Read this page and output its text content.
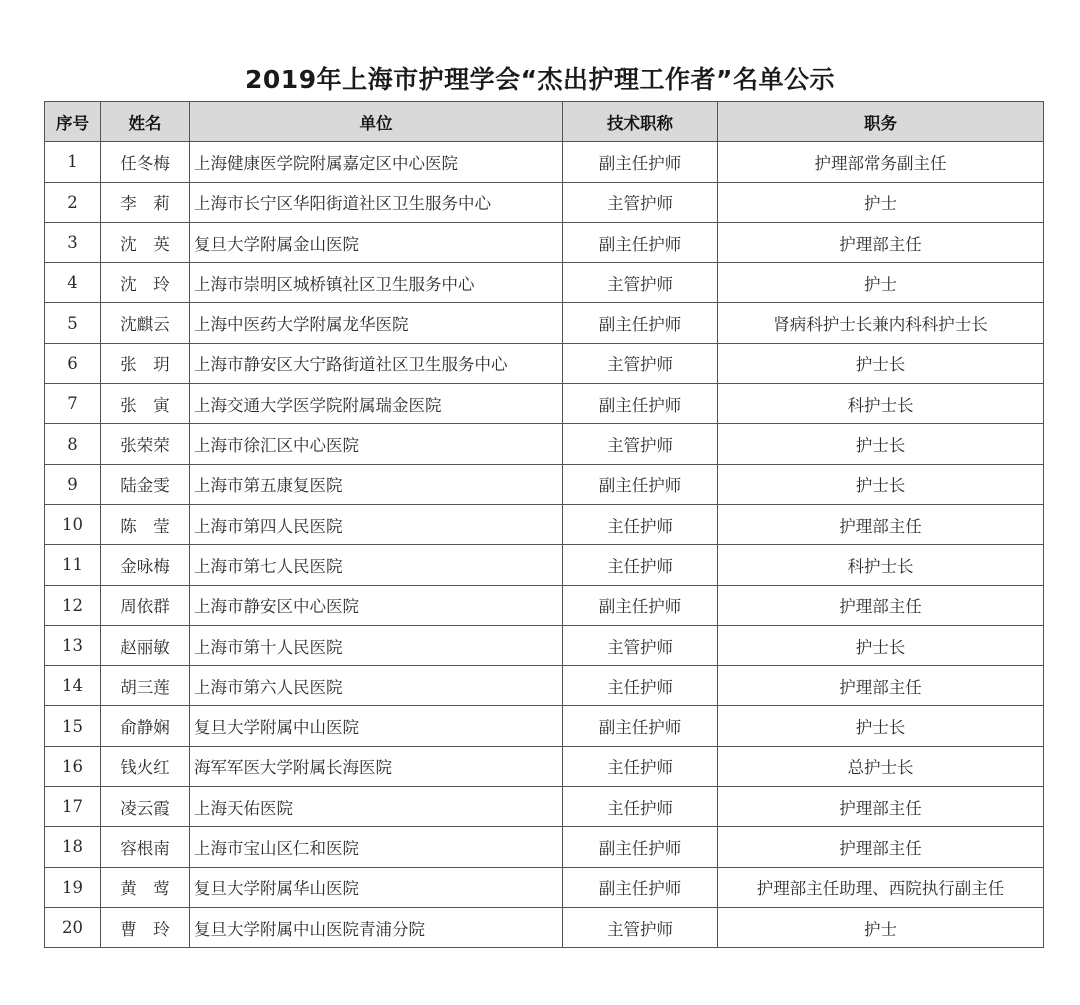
2019年上海市护理学会“杰出护理工作者”名单公示
序号	姓名	单位	技术职称	职务
1	任冬梅	上海健康医学院附属嘉定区中心医院	副主任护师	护理部常务副主任
2	李　莉	上海市长宁区华阳街道社区卫生服务中心	主管护师	护士
3	沈　英	复旦大学附属金山医院	副主任护师	护理部主任
4	沈　玲	上海市崇明区城桥镇社区卫生服务中心	主管护师	护士
5	沈麒云	上海中医药大学附属龙华医院	副主任护师	肾病科护士长兼内科科护士长
6	张　玥	上海市静安区大宁路街道社区卫生服务中心	主管护师	护士长
7	张　寅	上海交通大学医学院附属瑞金医院	副主任护师	科护士长
8	张荣荣	上海市徐汇区中心医院	主管护师	护士长
9	陆金雯	上海市第五康复医院	副主任护师	护士长
10	陈　莹	上海市第四人民医院	主任护师	护理部主任
11	金咏梅	上海市第七人民医院	主任护师	科护士长
12	周依群	上海市静安区中心医院	副主任护师	护理部主任
13	赵丽敏	上海市第十人民医院	主管护师	护士长
14	胡三莲	上海市第六人民医院	主任护师	护理部主任
15	俞静娴	复旦大学附属中山医院	副主任护师	护士长
16	钱火红	海军军医大学附属长海医院	主任护师	总护士长
17	凌云霞	上海天佑医院	主任护师	护理部主任
18	容根南	上海市宝山区仁和医院	副主任护师	护理部主任
19	黄　莺	复旦大学附属华山医院	副主任护师	护理部主任助理、西院执行副主任
20	曹　玲	复旦大学附属中山医院青浦分院	主管护师	护士
